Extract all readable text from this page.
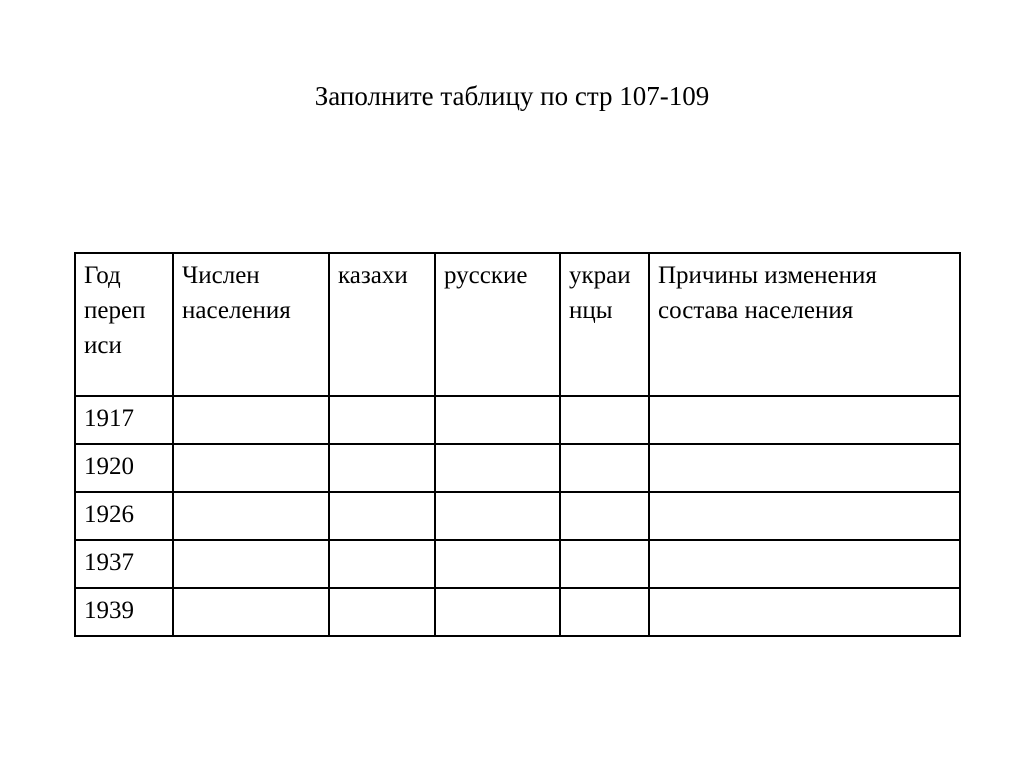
Заполните таблицу по стр 107-109
Год переп иси	Числен населения	казахи	русские	украи нцы	Причины изменения состава населения
1917					
1920					
1926					
1937					
1939					
